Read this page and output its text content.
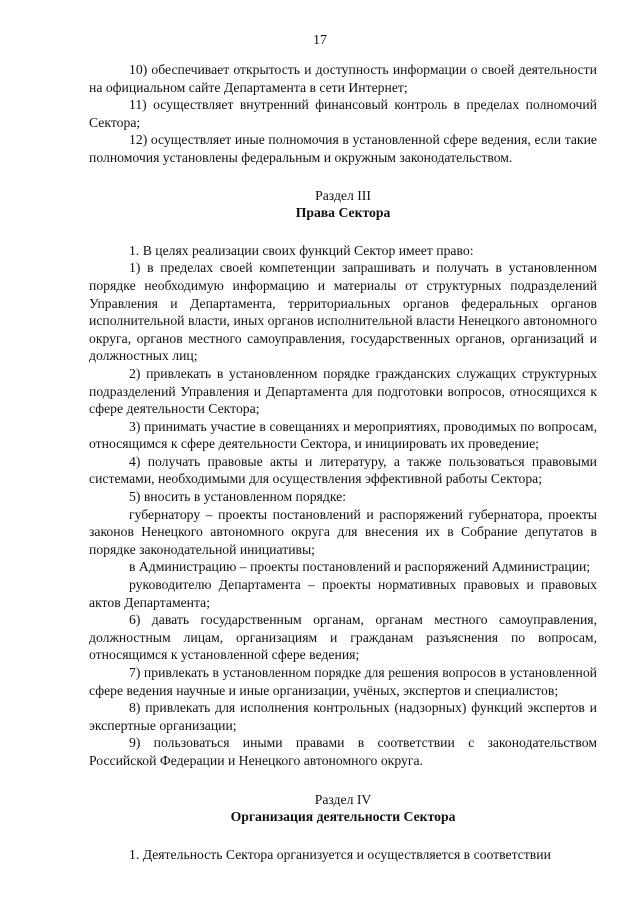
17

10) обеспечивает открытость и доступность информации о своей деятельности на официальном сайте Департамента в сети Интернет;

11) осуществляет внутренний финансовый контроль в пределах полномочий Сектора;

12) осуществляет иные полномочия в установленной сфере ведения, если такие полномочия установлены федеральным и окружным законодательством.

Раздел III

Права Сектора

1. В целях реализации своих функций Сектор имеет право:

1) в пределах своей компетенции запрашивать и получать в установленном порядке необходимую информацию и материалы от структурных подразделений Управления и Департамента, территориальных органов федеральных органов исполнительной власти, иных органов исполнительной власти Ненецкого автономного округа, органов местного самоуправления, государственных органов, организаций и должностных лиц;

2) привлекать в установленном порядке гражданских служащих структурных подразделений Управления и Департамента для подготовки вопросов, относящихся к сфере деятельности Сектора;

3) принимать участие в совещаниях и мероприятиях, проводимых по вопросам, относящимся к сфере деятельности Сектора, и инициировать их проведение;

4) получать правовые акты и литературу, а также пользоваться правовыми системами, необходимыми для осуществления эффективной работы Сектора;

5) вносить в установленном порядке:

губернатору – проекты постановлений и распоряжений губернатора, проекты законов Ненецкого автономного округа для внесения их в Собрание депутатов в порядке законодательной инициативы;

в Администрацию – проекты постановлений и распоряжений Администрации;

руководителю Департамента – проекты нормативных правовых и правовых актов Департамента;

6) давать государственным органам, органам местного самоуправления, должностным лицам, организациям и гражданам разъяснения по вопросам, относящимся к установленной сфере ведения;

7) привлекать в установленном порядке для решения вопросов в установленной сфере ведения научные и иные организации, учёных, экспертов и специалистов;

8) привлекать для исполнения контрольных (надзорных) функций экспертов и экспертные организации;

9) пользоваться иными правами в соответствии с законодательством Российской Федерации и Ненецкого автономного округа.

Раздел IV

Организация деятельности Сектора

1. Деятельность Сектора организуется и осуществляется в соответствии
